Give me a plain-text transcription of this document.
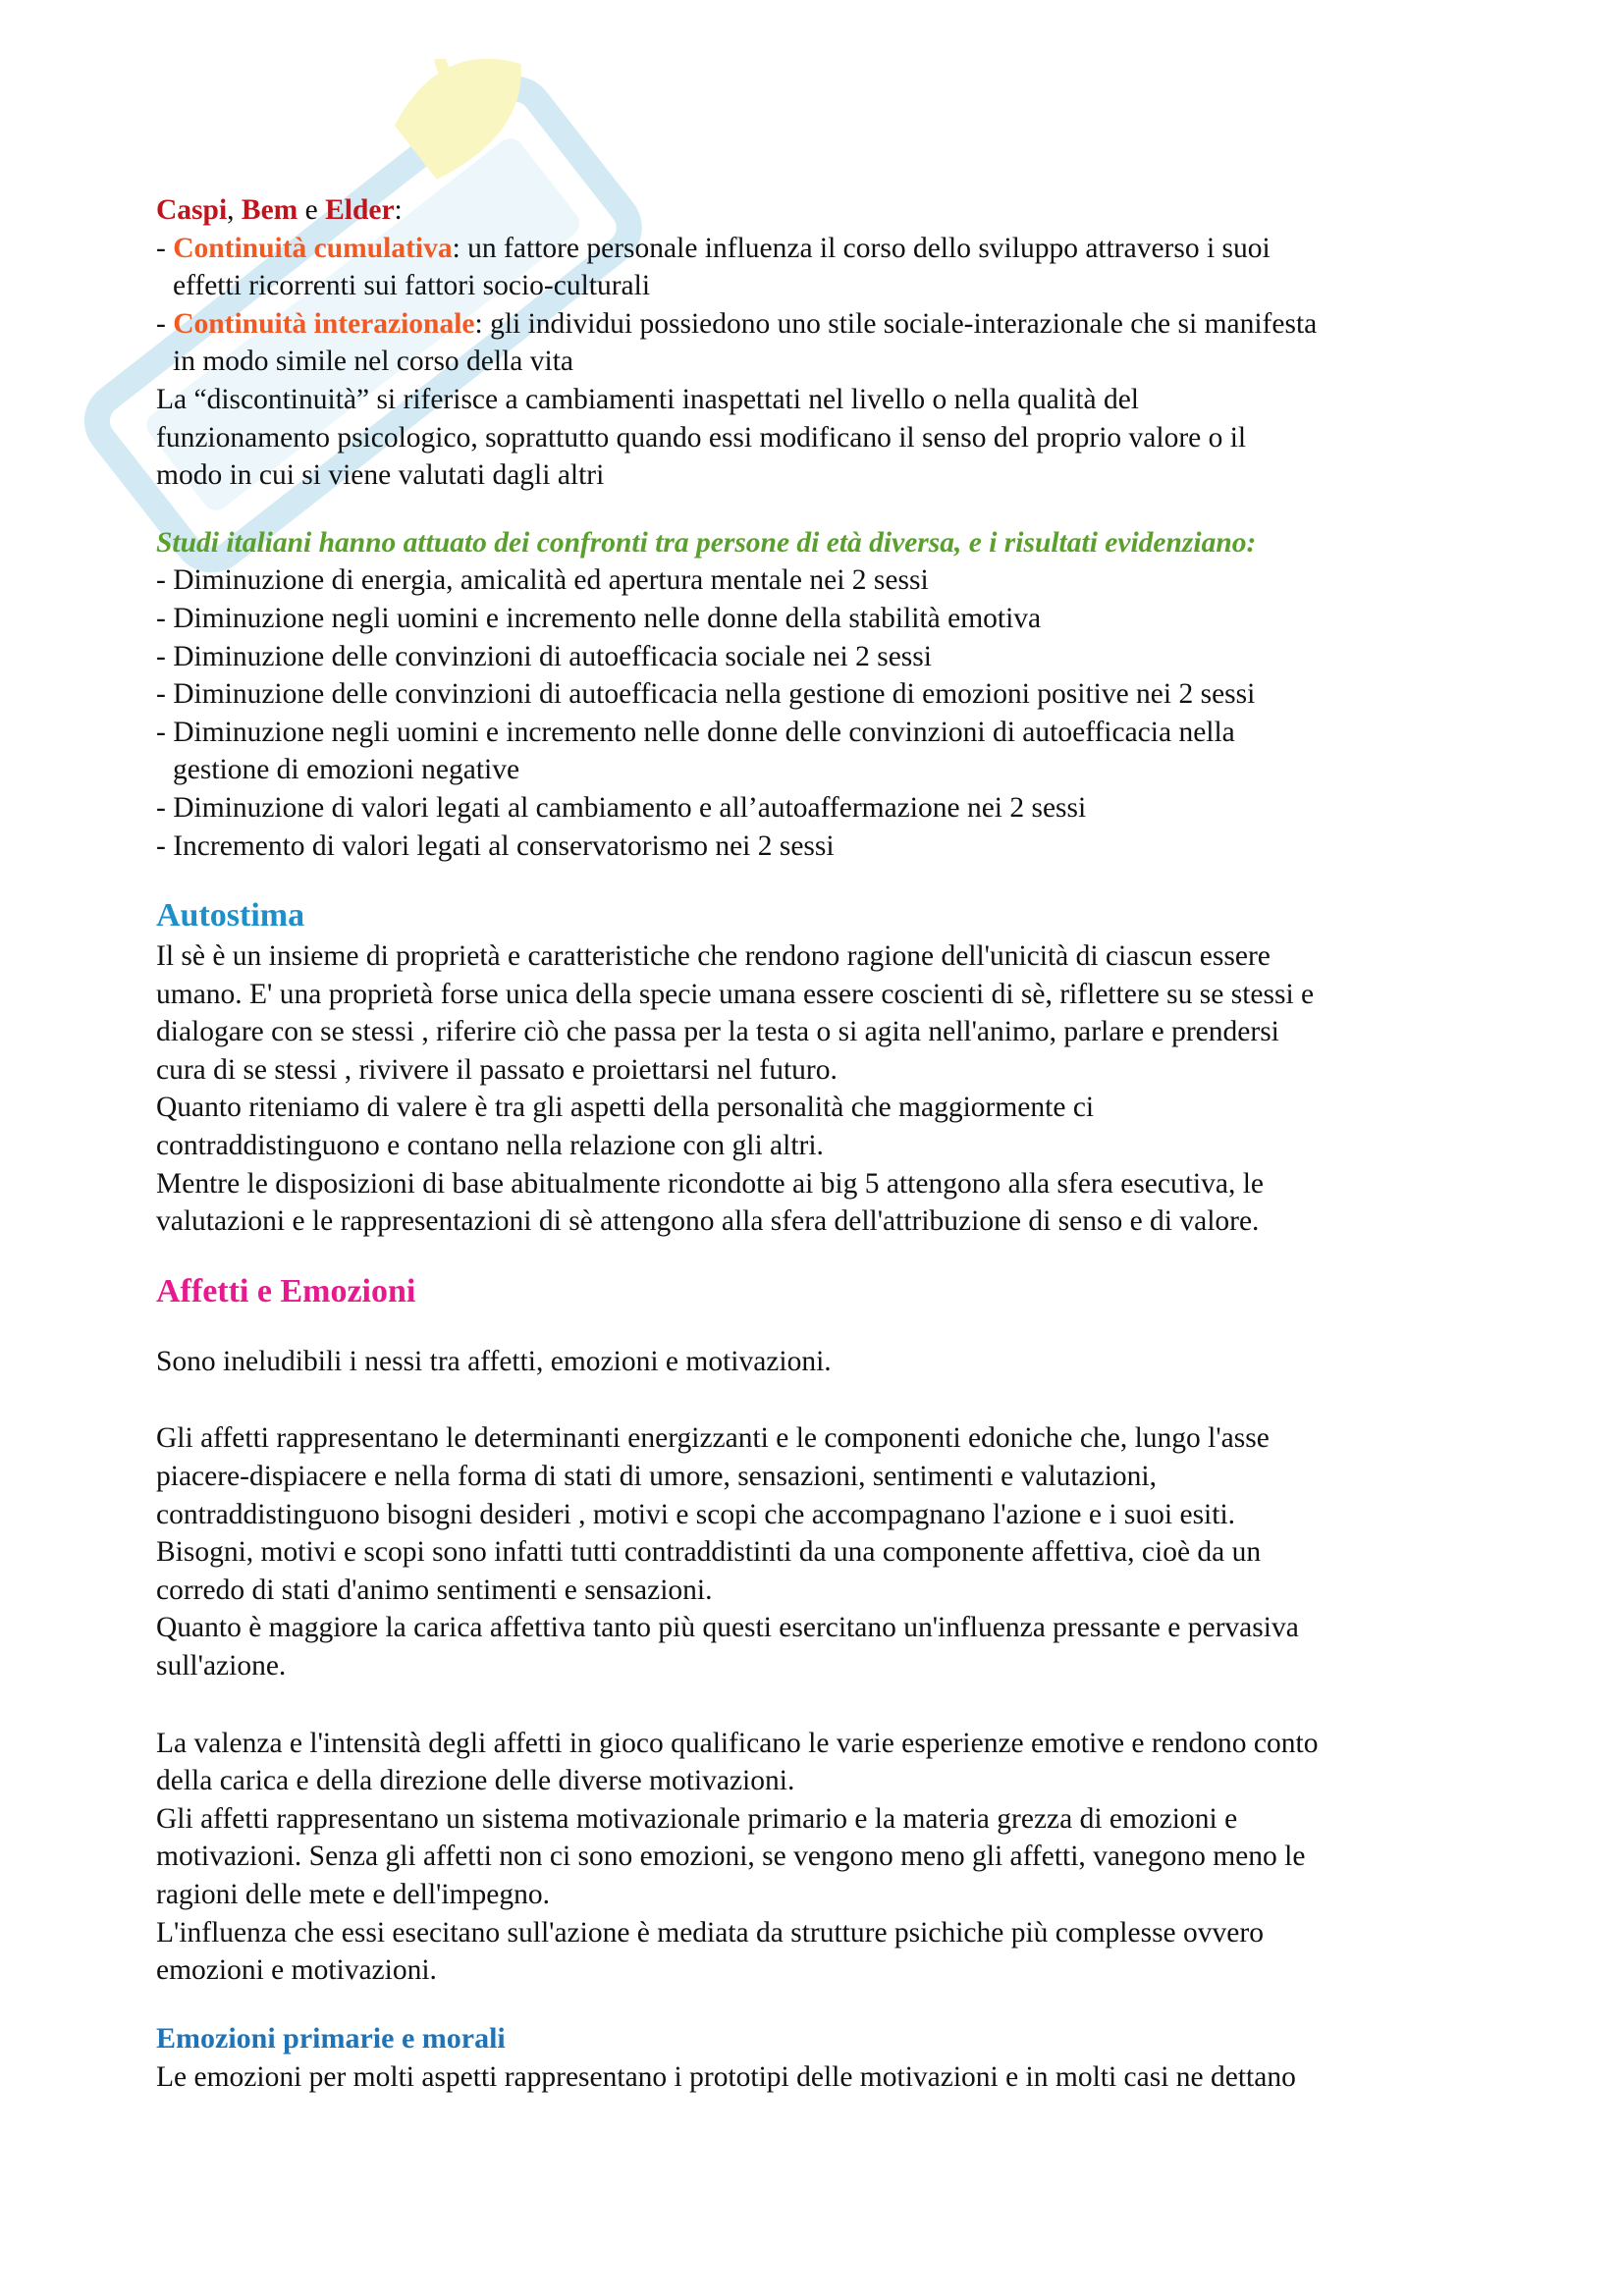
Caspi, Bem e Elder:
- Continuità cumulativa: un fattore personale influenza il corso dello sviluppo attraverso i suoi
effetti ricorrenti sui fattori socio-culturali
- Continuità interazionale: gli individui possiedono uno stile sociale-interazionale che si manifesta
in modo simile nel corso della vita
La “discontinuità” si riferisce a cambiamenti inaspettati nel livello o nella qualità del
funzionamento psicologico, soprattutto quando essi modificano il senso del proprio valore o il
modo in cui si viene valutati dagli altri
Studi italiani hanno attuato dei confronti tra persone di età diversa, e i risultati evidenziano:
- Diminuzione di energia, amicalità ed apertura mentale nei 2 sessi
- Diminuzione negli uomini e incremento nelle donne della stabilità emotiva
- Diminuzione delle convinzioni di autoefficacia sociale nei 2 sessi
- Diminuzione delle convinzioni di autoefficacia nella gestione di emozioni positive nei 2 sessi
- Diminuzione negli uomini e incremento nelle donne delle convinzioni di autoefficacia nella
gestione di emozioni negative
- Diminuzione di valori legati al cambiamento e all’autoaffermazione nei 2 sessi
- Incremento di valori legati al conservatorismo nei 2 sessi
Autostima
Il sè è un insieme di proprietà e caratteristiche che rendono ragione dell'unicità di ciascun essere
umano. E' una proprietà forse unica della specie umana essere coscienti di sè, riflettere su se stessi e
dialogare con se stessi , riferire ciò che passa per la testa o si agita nell'animo, parlare e prendersi
cura di se stessi , rivivere il passato e proiettarsi nel futuro.
Quanto riteniamo di valere è tra gli aspetti della personalità che maggiormente ci
contraddistinguono e contano nella relazione con gli altri.
Mentre le disposizioni di base abitualmente ricondotte ai big 5 attengono alla sfera esecutiva, le
valutazioni e le rappresentazioni di sè attengono alla sfera dell'attribuzione di senso e di valore.
Affetti e Emozioni
Sono ineludibili i nessi tra affetti, emozioni e motivazioni.
Gli affetti rappresentano le determinanti energizzanti e le componenti edoniche che, lungo l'asse
piacere-dispiacere e nella forma di stati di umore, sensazioni, sentimenti e valutazioni,
contraddistinguono bisogni desideri , motivi e scopi che accompagnano l'azione e i suoi esiti.
Bisogni, motivi e scopi sono infatti tutti contraddistinti da una componente affettiva, cioè da un
corredo di stati d'animo sentimenti e sensazioni.
Quanto è maggiore la carica affettiva tanto più questi esercitano un'influenza pressante e pervasiva
sull'azione.
La valenza e l'intensità degli affetti in gioco qualificano le varie esperienze emotive e rendono conto
della carica e della direzione delle diverse motivazioni.
Gli affetti rappresentano un sistema motivazionale primario e la materia grezza di emozioni e
motivazioni. Senza gli affetti non ci sono emozioni, se vengono meno gli affetti, vanegono meno le
ragioni delle mete e dell'impegno.
L'influenza che essi esecitano sull'azione è mediata da strutture psichiche più complesse ovvero
emozioni e motivazioni.
Emozioni primarie e morali
Le emozioni per molti aspetti rappresentano i prototipi delle motivazioni e in molti casi ne dettano
